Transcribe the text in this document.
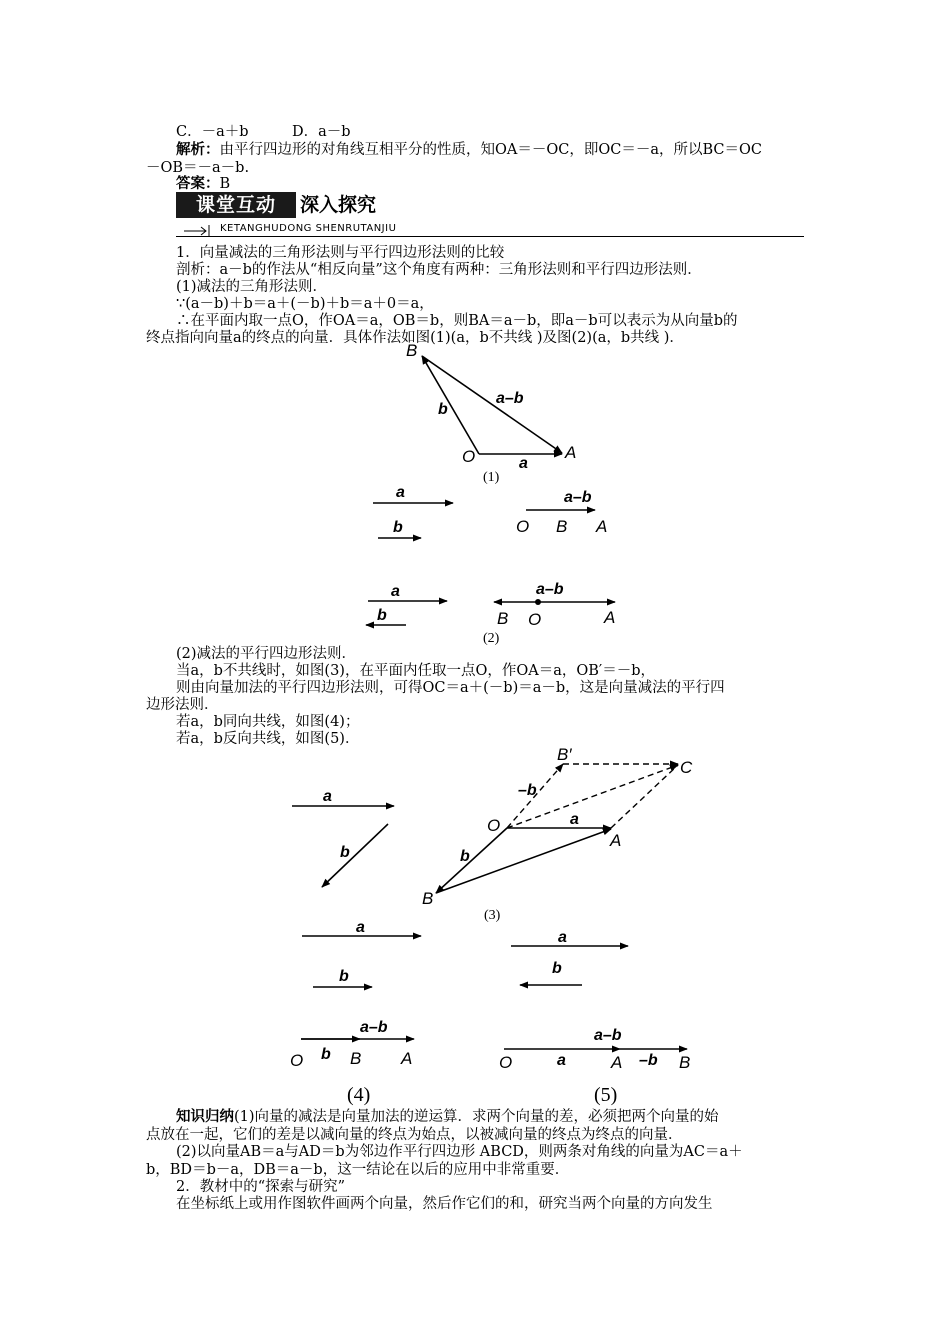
C．－a＋b　　　D．a－b
解析：由平行四边形的对角线互相平分的性质，知OA＝－OC，即OC＝－a，所以BC＝OC
－OB＝－a－b.
答案：B
课堂互动	深入探究
KETANGHUDONG SHENRUTANJIU
1．向量减法的三角形法则与平行四边形法则的比较
剖析：a－b的作法从“相反向量”这个角度有两种：三角形法则和平行四边形法则．
(1)减法的三角形法则．
∵(a－b)＋b＝a＋(－b)＋b＝a＋0＝a，
∴在平面内取一点O，作OA＝a，OB＝b，则BA＝a－b，即a－b可以表示为从向量b的
终点指向向量a的终点的向量．具体作法如图(1)(a，b不共线 )及图(2)(a，b共线 )．
B
O	A
a
b
a–b
(1)
a
b
a–b
O B A
a
b
a–b
B O	A
(2)
(2)减法的平行四边形法则．
当a，b不共线时，如图(3)，在平面内任取一点O，作OA＝a，OB′＝－b，
则由向量加法的平行四边形法则，可得OC＝a＋(－b)＝a－b，这是向量减法的平行四
边形法则．
若a，b同向共线，如图(4)；
若a，b反向共线，如图(5)．
a
b
B′
C
–b
O	a
A
b
B
(3)
a
b
a–b
O b B A
(4)
a
b
a–b
O	a	A –b B
(5)
知识归纳(1)向量的减法是向量加法的逆运算．求两个向量的差，必须把两个向量的始
点放在一起，它们的差是以减向量的终点为始点，以被减向量的终点为终点的向量．
(2)以向量AB＝a与AD＝b为邻边作平行四边形 ABCD，则两条对角线的向量为AC＝a＋
b，BD＝b－a，DB＝a－b，这一结论在以后的应用中非常重要．
2．教材中的“探索与研究”
在坐标纸上或用作图软件画两个向量，然后作它们的和，研究当两个向量的方向发生
